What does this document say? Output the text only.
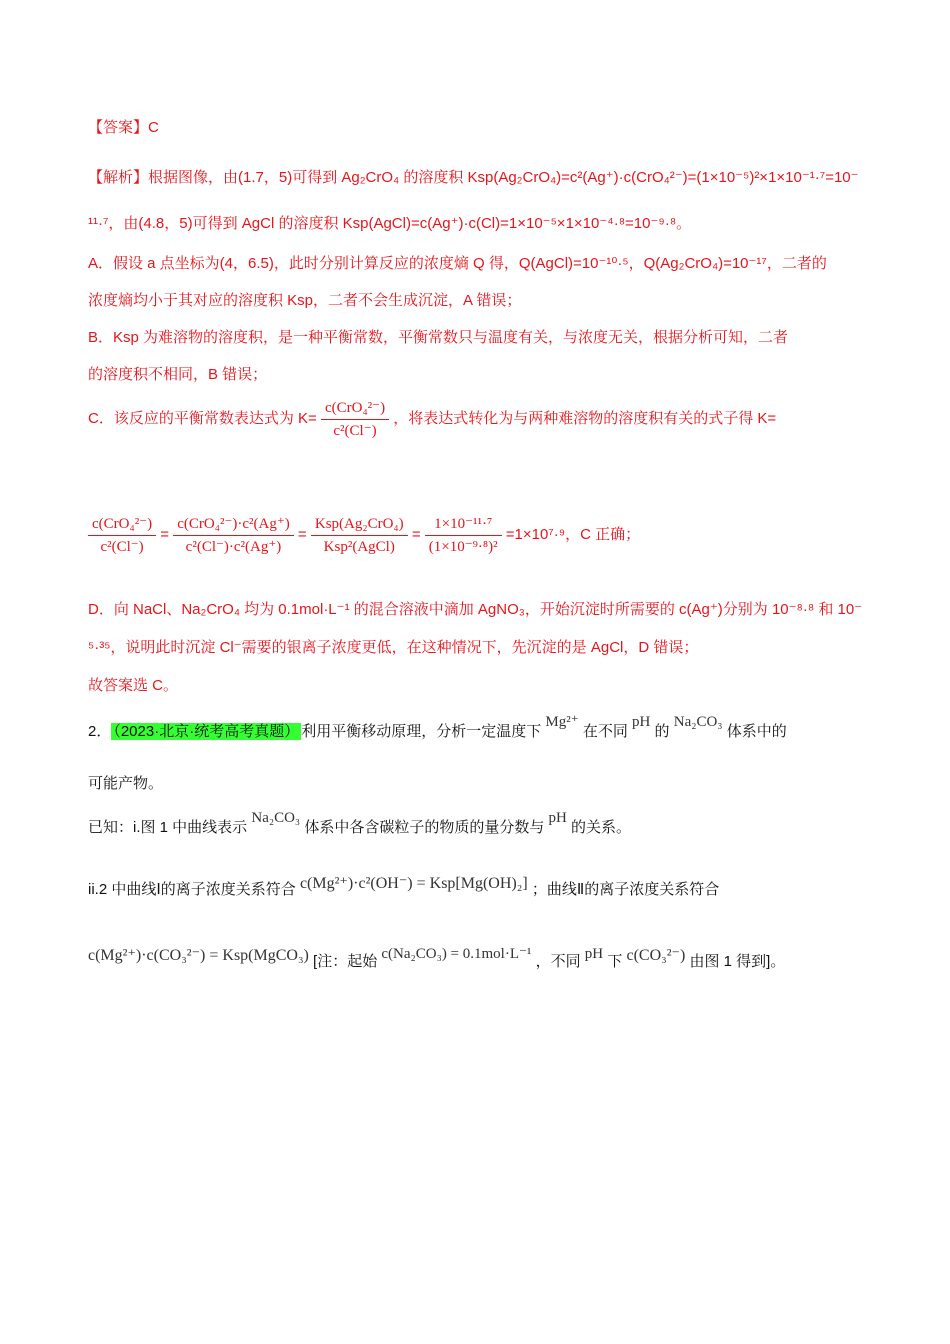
【答案】C
【解析】根据图像，由(1.7，5)可得到 Ag₂CrO₄ 的溶度积 Ksp(Ag₂CrO₄)=c²(Ag⁺)·c(CrO₄²⁻)=(1×10⁻⁵)²×1×10⁻¹·⁷=10⁻
¹¹·⁷，由(4.8，5)可得到 AgCl 的溶度积 Ksp(AgCl)=c(Ag⁺)·c(Cl)=1×10⁻⁵×1×10⁻⁴·⁸=10⁻⁹·⁸。
A．假设 a 点坐标为(4，6.5)，此时分别计算反应的浓度熵 Q 得，Q(AgCl)=10⁻¹⁰·⁵，Q(Ag₂CrO₄)=10⁻¹⁷，二者的
浓度熵均小于其对应的溶度积 Ksp，二者不会生成沉淀，A 错误；
B．Ksp 为难溶物的溶度积，是一种平衡常数，平衡常数只与温度有关，与浓度无关，根据分析可知，二者
的溶度积不相同，B 错误；
C．该反应的平衡常数表达式为 $K= \frac{\text{c(CrO₄²⁻)}}{\text{c²(Cl⁻)}}$ ，将表达式转化为与两种难溶物的溶度积有关的式子得 K=
$\frac{\text{c(CrO₄²⁻)}}{\text{c²(Cl⁻)}} = \frac{\text{c(CrO₄²⁻)·c²(Ag⁺)}}{\text{c²(Cl⁻)·c²(Ag⁺)}} = \frac{\text{Ksp(Ag₂CrO₄)}}{\text{Ksp²(AgCl)}} = \frac{\text{1×10⁻¹¹·⁷}}{\text{(1×10⁻⁹·⁸)²}} =1\times 10^7\cdot^9$，C 正确；
D．向 NaCl、Na₂CrO₄ 均为 0.1mol·L⁻¹ 的混合溶液中滴加 AgNO₃，开始沉淀时所需要的 c(Ag⁺)分别为 10⁻⁸·⁸ 和 10⁻
⁵·³⁵，说明此时沉淀 Cl⁻需要的银离子浓度更低，在这种情况下，先沉淀的是 AgCl，D 错误；
故答案选 C。
2． （2023·北京·统考高考真题） 利用平衡移动原理，分析一定温度下 Mg²⁺ 在不同 pH 的 Na₂CO₃ 体系中的
可能产物。
已知：i.图 1 中曲线表示 Na₂CO₃ 体系中各含碳粒子的物质的量分数与 pH 的关系。
ii.2 中曲线Ⅰ的离子浓度关系符合 c(Mg²⁺)·c²(OH⁻) = Ksp[Mg(OH)₂] ；曲线Ⅱ的离子浓度关系符合
c(Mg²⁺)·c(CO₃²⁻) = Ksp(MgCO₃) [注：起始 c(Na₂CO₃) = 0.1mol·L⁻¹ ，不同 pH 下 c(CO₃²⁻) 由图 1 得到]。
